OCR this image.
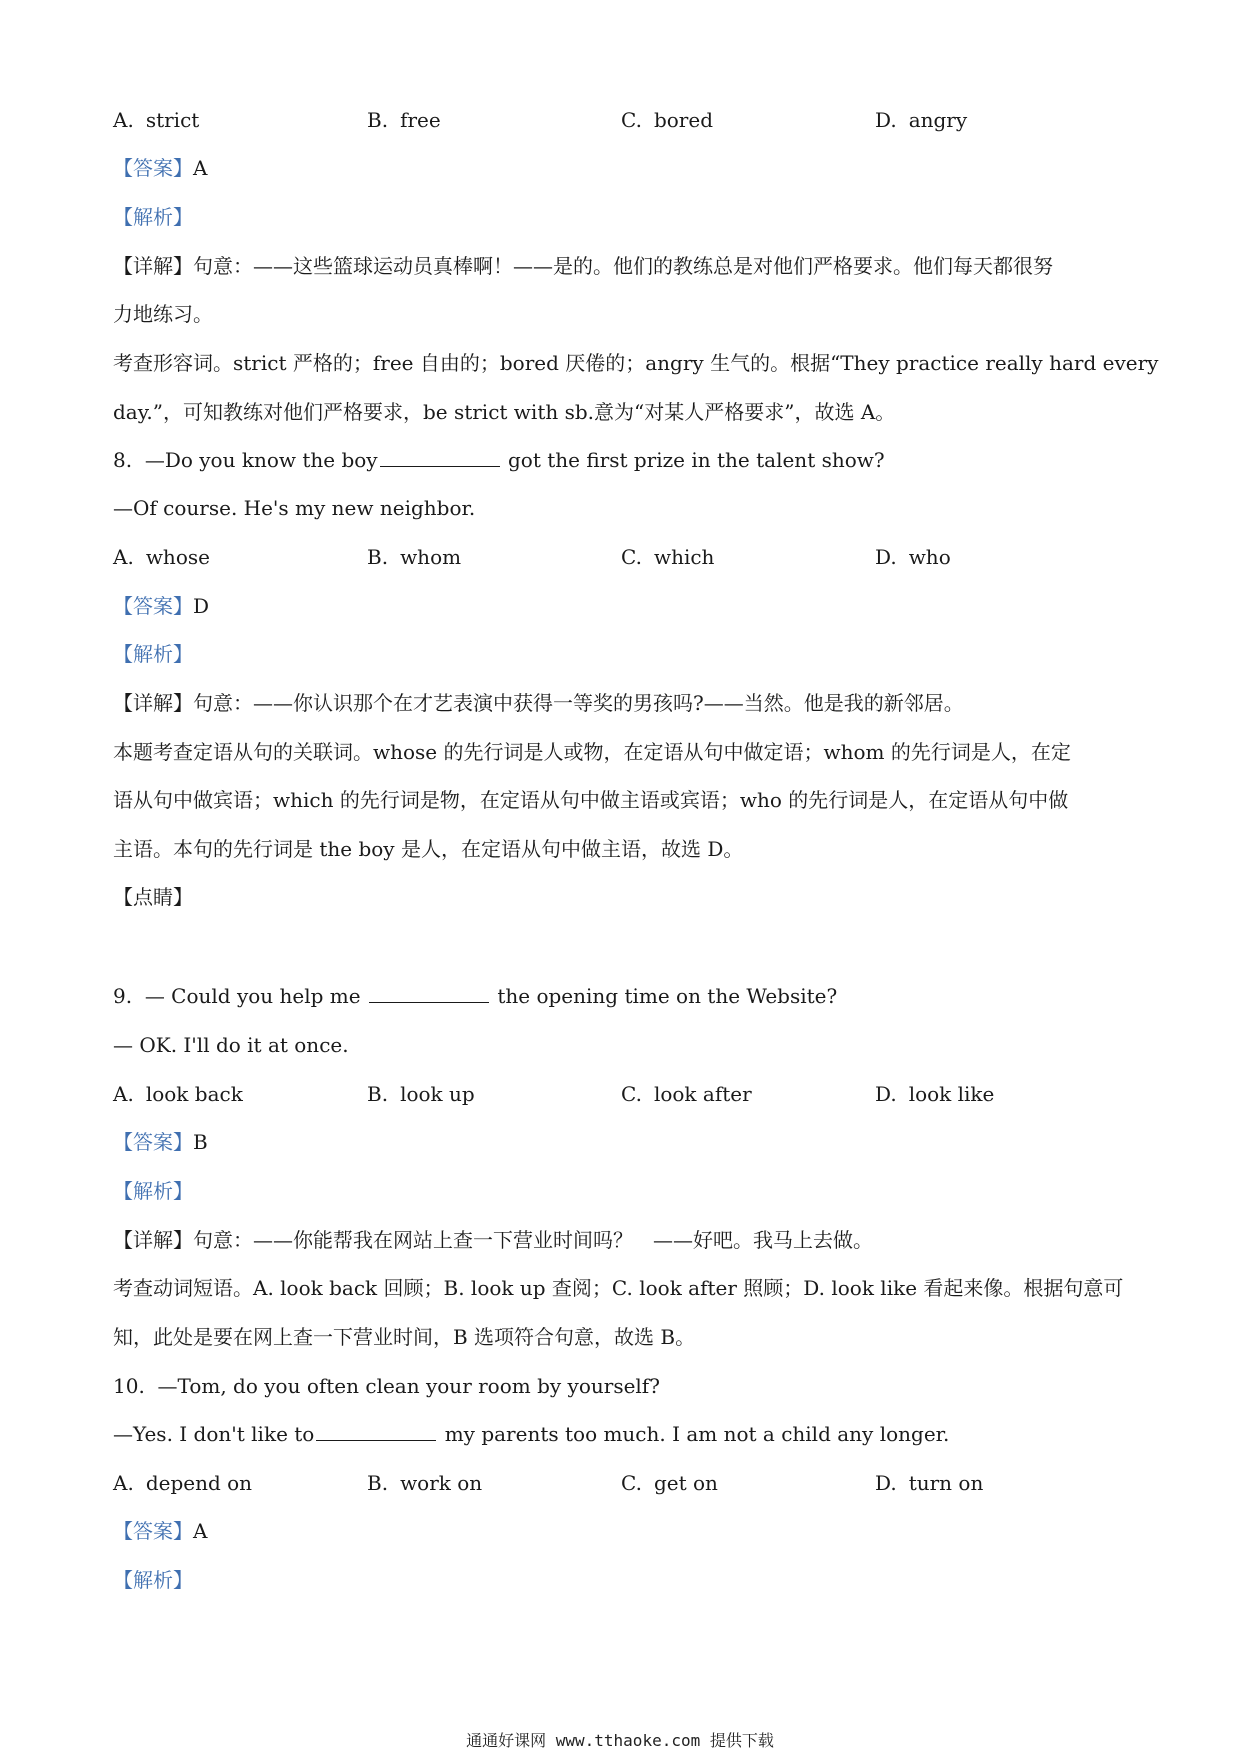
A. strict	B. free	C. bored	D. angry
【答案】A
【解析】
【详解】句意：——这些篮球运动员真棒啊！——是的。他们的教练总是对他们严格要求。他们每天都很努
力地练习。
考查形容词。strict 严格的；free 自由的；bored 厌倦的；angry 生气的。根据“They practice really hard every
day.”，可知教练对他们严格要求，be strict with sb.意为“对某人严格要求”，故选 A。
8. —Do you know the boy	got the first prize in the talent show?
—Of course. He's my new neighbor.
A. whose	B. whom	C. which	D. who
【答案】D
【解析】
【详解】句意：——你认识那个在才艺表演中获得一等奖的男孩吗?——当然。他是我的新邻居。
本题考查定语从句的关联词。whose 的先行词是人或物，在定语从句中做定语；whom 的先行词是人，在定
语从句中做宾语；which 的先行词是物，在定语从句中做主语或宾语；who 的先行词是人，在定语从句中做
主语。本句的先行词是 the boy 是人，在定语从句中做主语，故选 D。
【点睛】
9. — Could you help me	the opening time on the Website?
— OK. I'll do it at once.
A. look back	B. look up	C. look after	D. look like
【答案】B
【解析】
【详解】句意：——你能帮我在网站上查一下营业时间吗？　——好吧。我马上去做。
考查动词短语。A. look back 回顾；B. look up 查阅；C. look after 照顾；D. look like 看起来像。根据句意可
知，此处是要在网上查一下营业时间，B 选项符合句意，故选 B。
10. —Tom, do you often clean your room by yourself?
—Yes. I don't like to	my parents too much. I am not a child any longer.
A. depend on	B. work on	C. get on	D. turn on
【答案】A
【解析】
通通好课网 www.tthaoke.com 提供下载
